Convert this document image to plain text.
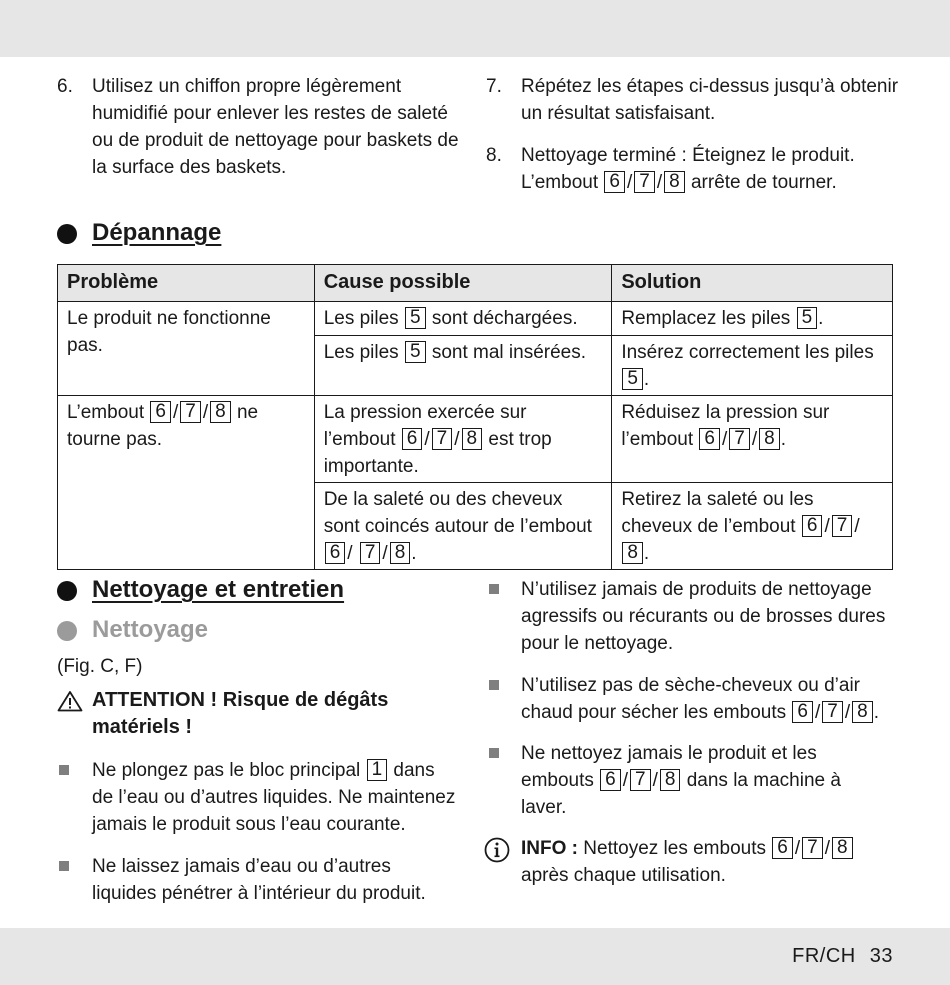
6. Utilisez un chiffon propre légèrement
humidifié pour enlever les restes de saleté
ou de produit de nettoyage pour baskets de
la surface des baskets.
7. Répétez les étapes ci-dessus jusqu’à obtenir
un résultat satisfaisant.
8. Nettoyage terminé : Éteignez le produit.
L’embout 6 / 7 / 8 arrête de tourner.
Dépannage
Problème	Cause possible	Solution
Le produit ne fonctionne pas.	Les piles 5 sont déchargées.	Remplacez les piles 5 .
	Les piles 5 sont mal insérées.	Insérez correctement les piles 5 .
L’embout 6 / 7 / 8 ne tourne pas.	La pression exercée sur l’embout 6 / 7 / 8 est trop importante.	Réduisez la pression sur l’embout 6 / 7 / 8 .
	De la saleté ou des cheveux sont coincés autour de l’embout 6 / 7 / 8 .	Retirez la saleté ou les cheveux de l’embout 6 / 7 / 8 .
Nettoyage et entretien
Nettoyage
(Fig. C, F)
ATTENTION ! Risque de dégâts
matériels !
Ne plongez pas le bloc principal 1 dans
de l’eau ou d’autres liquides. Ne maintenez
jamais le produit sous l’eau courante.
Ne laissez jamais d’eau ou d’autres
liquides pénétrer à l’intérieur du produit.
N’utilisez jamais de produits de nettoyage
agressifs ou récurants ou de brosses dures
pour le nettoyage.
N’utilisez pas de sèche-cheveux ou d’air
chaud pour sécher les embouts 6 / 7 / 8 .
Ne nettoyez jamais le produit et les
embouts 6 / 7 / 8 dans la machine à
laver.
INFO : Nettoyez les embouts 6 / 7 / 8
après chaque utilisation.
FR/CH 33
